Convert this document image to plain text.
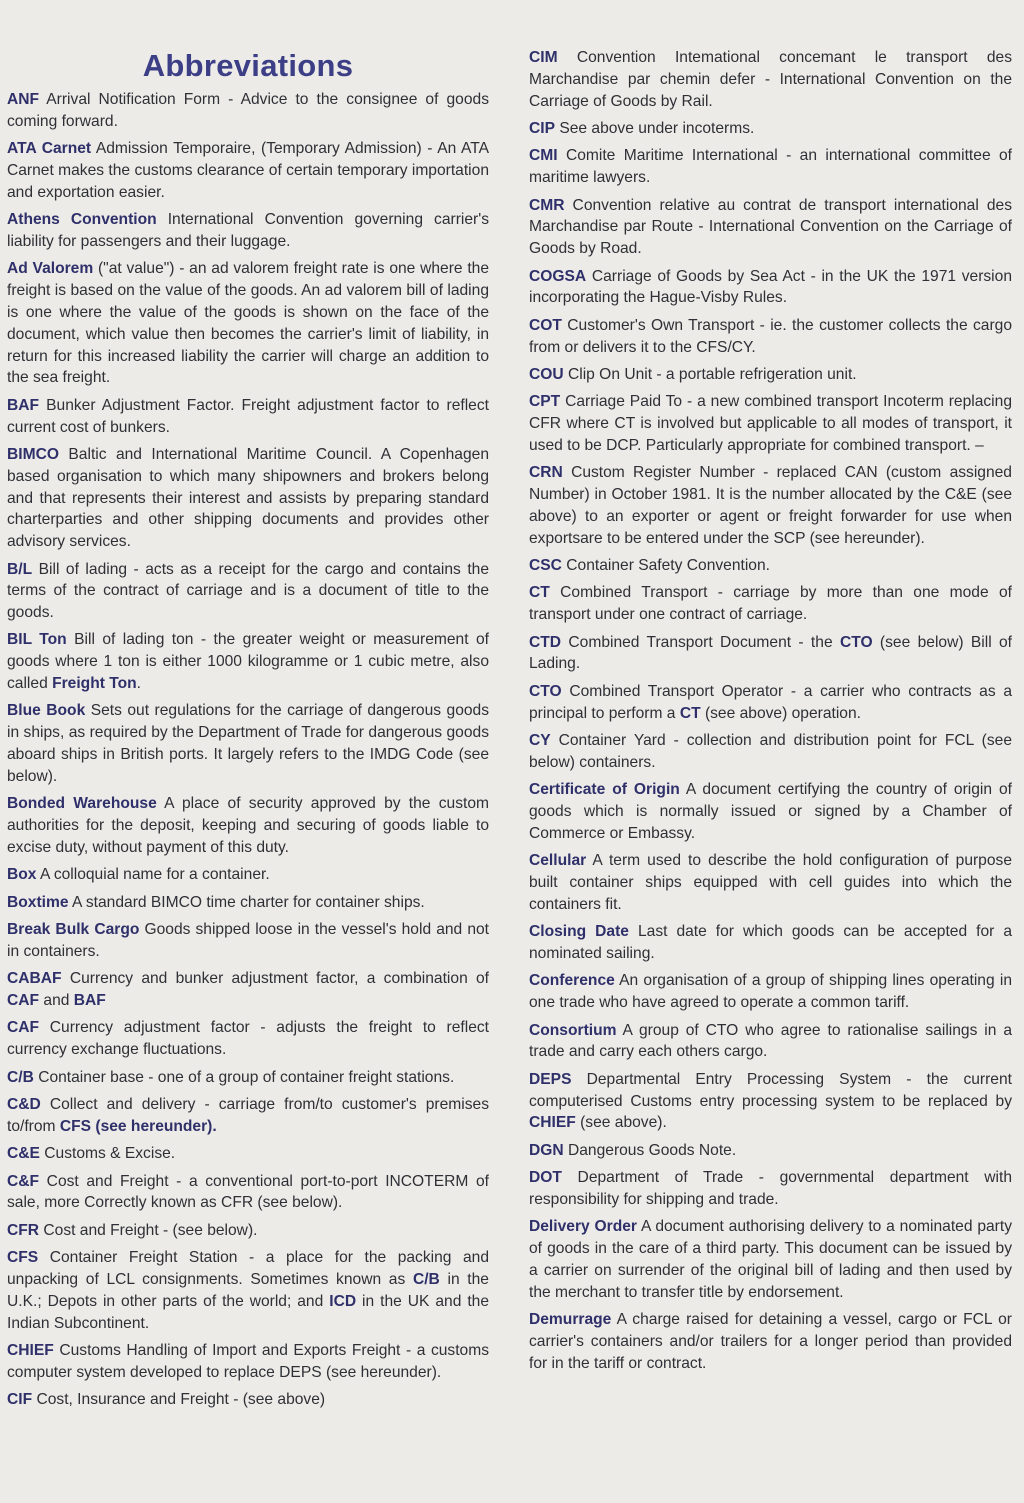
Abbreviations

ANF Arrival Notification Form - Advice to the consignee of goods coming forward.

ATA Carnet Admission Temporaire, (Temporary Admission) - An ATA Carnet makes the customs clearance of certain temporary importation and exportation easier.

Athens Convention International Convention governing carrier's liability for passengers and their luggage.

Ad Valorem ("at value") - an ad valorem freight rate is one where the freight is based on the value of the goods. An ad valorem bill of lading is one where the value of the goods is shown on the face of the document, which value then becomes the carrier's limit of liability, in return for this increased liability the carrier will charge an addition to the sea freight.

BAF Bunker Adjustment Factor. Freight adjustment factor to reflect current cost of bunkers.

BIMCO Baltic and International Maritime Council. A Copenhagen based organisation to which many shipowners and brokers belong and that represents their interest and assists by preparing standard charterparties and other shipping documents and provides other advisory services.

B/L Bill of lading - acts as a receipt for the cargo and contains the terms of the contract of carriage and is a document of title to the goods.

BIL Ton Bill of lading ton - the greater weight or measurement of goods where 1 ton is either 1000 kilogramme or 1 cubic metre, also called Freight Ton.

Blue Book Sets out regulations for the carriage of dangerous goods in ships, as required by the Department of Trade for dangerous goods aboard ships in British ports. It largely refers to the IMDG Code (see below).

Bonded Warehouse A place of security approved by the custom authorities for the deposit, keeping and securing of goods liable to excise duty, without payment of this duty.

Box A colloquial name for a container.

Boxtime A standard BIMCO time charter for container ships.

Break Bulk Cargo Goods shipped loose in the vessel's hold and not in containers.

CABAF Currency and bunker adjustment factor, a combination of CAF and BAF

CAF Currency adjustment factor - adjusts the freight to reflect currency exchange fluctuations.

C/B Container base - one of a group of container freight stations.

C&D Collect and delivery - carriage from/to customer's premises to/from CFS (see hereunder).

C&E Customs & Excise.

C&F Cost and Freight - a conventional port-to-port INCOTERM of sale, more Correctly known as CFR (see below).

CFR Cost and Freight - (see below).

CFS Container Freight Station - a place for the packing and unpacking of LCL consignments. Sometimes known as C/B in the U.K.; Depots in other parts of the world; and ICD in the UK and the Indian Subcontinent.

CHIEF Customs Handling of Import and Exports Freight - a customs computer system developed to replace DEPS (see hereunder).

CIF Cost, Insurance and Freight - (see above)

CIM Convention Intemational concemant le transport des Marchandise par chemin defer - International Convention on the Carriage of Goods by Rail.

CIP See above under incoterms.

CMI Comite Maritime International - an international committee of maritime lawyers.

CMR Convention relative au contrat de transport international des Marchandise par Route - International Convention on the Carriage of Goods by Road.

COGSA Carriage of Goods by Sea Act - in the UK the 1971 version incorporating the Hague-Visby Rules.

COT Customer's Own Transport - ie. the customer collects the cargo from or delivers it to the CFS/CY.

COU Clip On Unit - a portable refrigeration unit.

CPT Carriage Paid To - a new combined transport Incoterm replacing CFR where CT is involved but applicable to all modes of transport, it used to be DCP. Particularly appropriate for combined transport. –

CRN Custom Register Number - replaced CAN (custom assigned Number) in October 1981. It is the number allocated by the C&E (see above) to an exporter or agent or freight forwarder for use when exportsare to be entered under the SCP (see hereunder).

CSC Container Safety Convention.

CT Combined Transport - carriage by more than one mode of transport under one contract of carriage.

CTD Combined Transport Document - the CTO (see below) Bill of Lading.

CTO Combined Transport Operator - a carrier who contracts as a principal to perform a CT (see above) operation.

CY Container Yard - collection and distribution point for FCL (see below) containers.

Certificate of Origin A document certifying the country of origin of goods which is normally issued or signed by a Chamber of Commerce or Embassy.

Cellular A term used to describe the hold configuration of purpose built container ships equipped with cell guides into which the containers fit.

Closing Date Last date for which goods can be accepted for a nominated sailing.

Conference An organisation of a group of shipping lines operating in one trade who have agreed to operate a common tariff.

Consortium A group of CTO who agree to rationalise sailings in a trade and carry each others cargo.

DEPS Departmental Entry Processing System - the current computerised Customs entry processing system to be replaced by CHIEF (see above).

DGN Dangerous Goods Note.

DOT Department of Trade - governmental department with responsibility for shipping and trade.

Delivery Order A document authorising delivery to a nominated party of goods in the care of a third party. This document can be issued by a carrier on surrender of the original bill of lading and then used by the merchant to transfer title by endorsement.

Demurrage A charge raised for detaining a vessel, cargo or FCL or carrier's containers and/or trailers for a longer period than provided for in the tariff or contract.
